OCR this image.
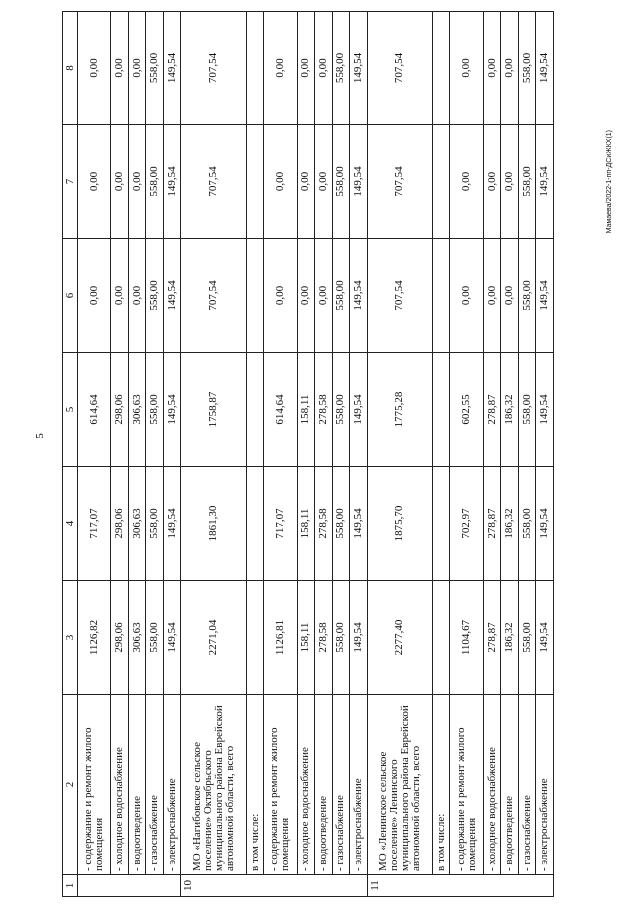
5
Мамаева/2022-1-пп-ДСиЖКХ(1)
1	2	3	4	5	6	7	8
	- содержание и ремонт жилого помещения	1126,82	717,07	614,64	0,00	0,00	0,00
	- холодное водоснабжение	298,06	298,06	298,06	0,00	0,00	0,00
	- водоотведение	306,63	306,63	306,63	0,00	0,00	0,00
	- газоснабжение	558,00	558,00	558,00	558,00	558,00	558,00
	- электроснабжение	149,54	149,54	149,54	149,54	149,54	149,54
10	МО «Нагибовское сельское поселение» Октябрьского муниципального района Еврейской автономной области, всего	2271,04	1861,30	1758,87	707,54	707,54	707,54
	в том числе:						
	- содержание и ремонт жилого помещения	1126,81	717,07	614,64	0,00	0,00	0,00
	- холодное водоснабжение	158,11	158,11	158,11	0,00	0,00	0,00
	- водоотведение	278,58	278,58	278,58	0,00	0,00	0,00
	- газоснабжение	558,00	558,00	558,00	558,00	558,00	558,00
	- электроснабжение	149,54	149,54	149,54	149,54	149,54	149,54
11	МО «Ленинское сельское поселение» Ленинского муниципального района Еврейской автономной области, всего	2277,40	1875,70	1775,28	707,54	707,54	707,54
	в том числе:						
	- содержание и ремонт жилого помещения	1104,67	702,97	602,55	0,00	0,00	0,00
	- холодное водоснабжение	278,87	278,87	278,87	0,00	0,00	0,00
	- водоотведение	186,32	186,32	186,32	0,00	0,00	0,00
	- газоснабжение	558,00	558,00	558,00	558,00	558,00	558,00
	- электроснабжение	149,54	149,54	149,54	149,54	149,54	149,54
